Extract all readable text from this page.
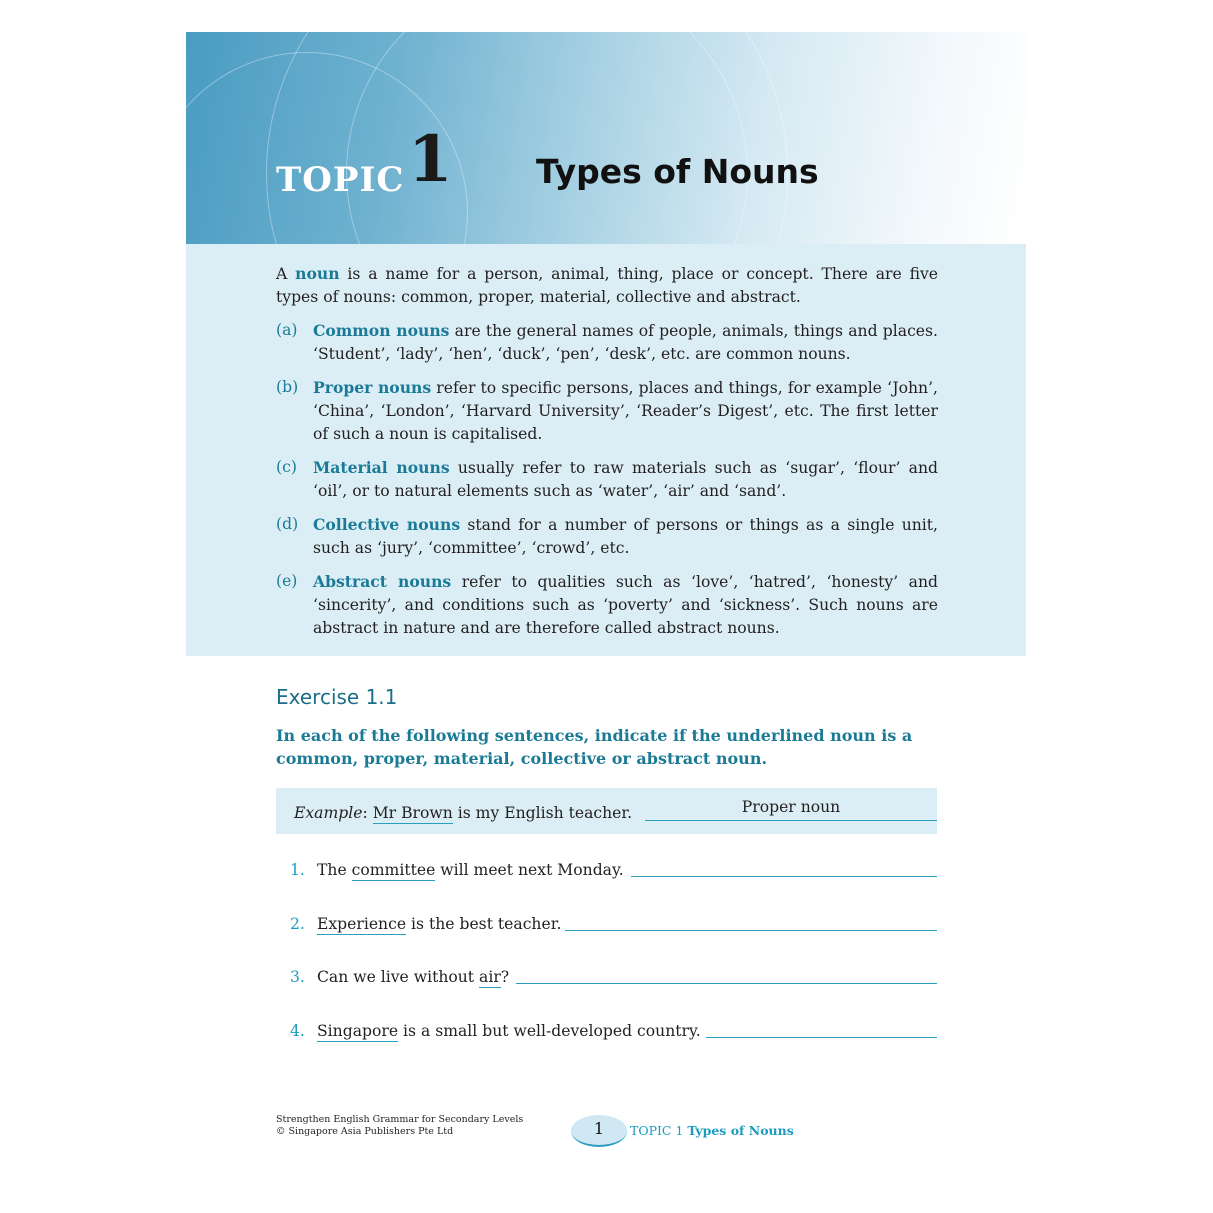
TOPIC 1	Types of Nouns

A noun is a name for a person, animal, thing, place or concept. There are five types of nouns: common, proper, material, collective and abstract.

(a) Common nouns are the general names of people, animals, things and places. ‘Student’, ‘lady’, ‘hen’, ‘duck’, ‘pen’, ‘desk’, etc. are common nouns.
(b) Proper nouns refer to specific persons, places and things, for example ‘John’, ‘China’, ‘London’, ‘Harvard University’, ‘Reader’s Digest’, etc. The first letter of such a noun is capitalised.
(c)	Material nouns usually refer to raw materials such as ‘sugar’, ‘flour’ and ‘oil’, or to natural elements such as ‘water’, ‘air’ and ‘sand’.
(d) Collective nouns stand for a number of persons or things as a single unit, such as ‘jury’, ‘committee’, ‘crowd’, etc.
(e) Abstract nouns refer to qualities such as ‘love’, ‘hatred’, ‘honesty’ and ‘sincerity’, and conditions such as ‘poverty’ and ‘sickness’. Such nouns are abstract in nature and are therefore called abstract nouns.
Exercise 1.1
In each of the following sentences, indicate if the underlined noun is a common, proper, material, collective or abstract noun.
Example: Mr Brown is my English teacher.	Proper noun
1. The committee will meet next Monday.
2. Experience is the best teacher.
3. Can we live without air?
4. Singapore is a small but well-developed country.
Strengthen English Grammar for Secondary Levels
© Singapore Asia Publishers Pte Ltd	1	TOPIC 1 Types of Nouns
